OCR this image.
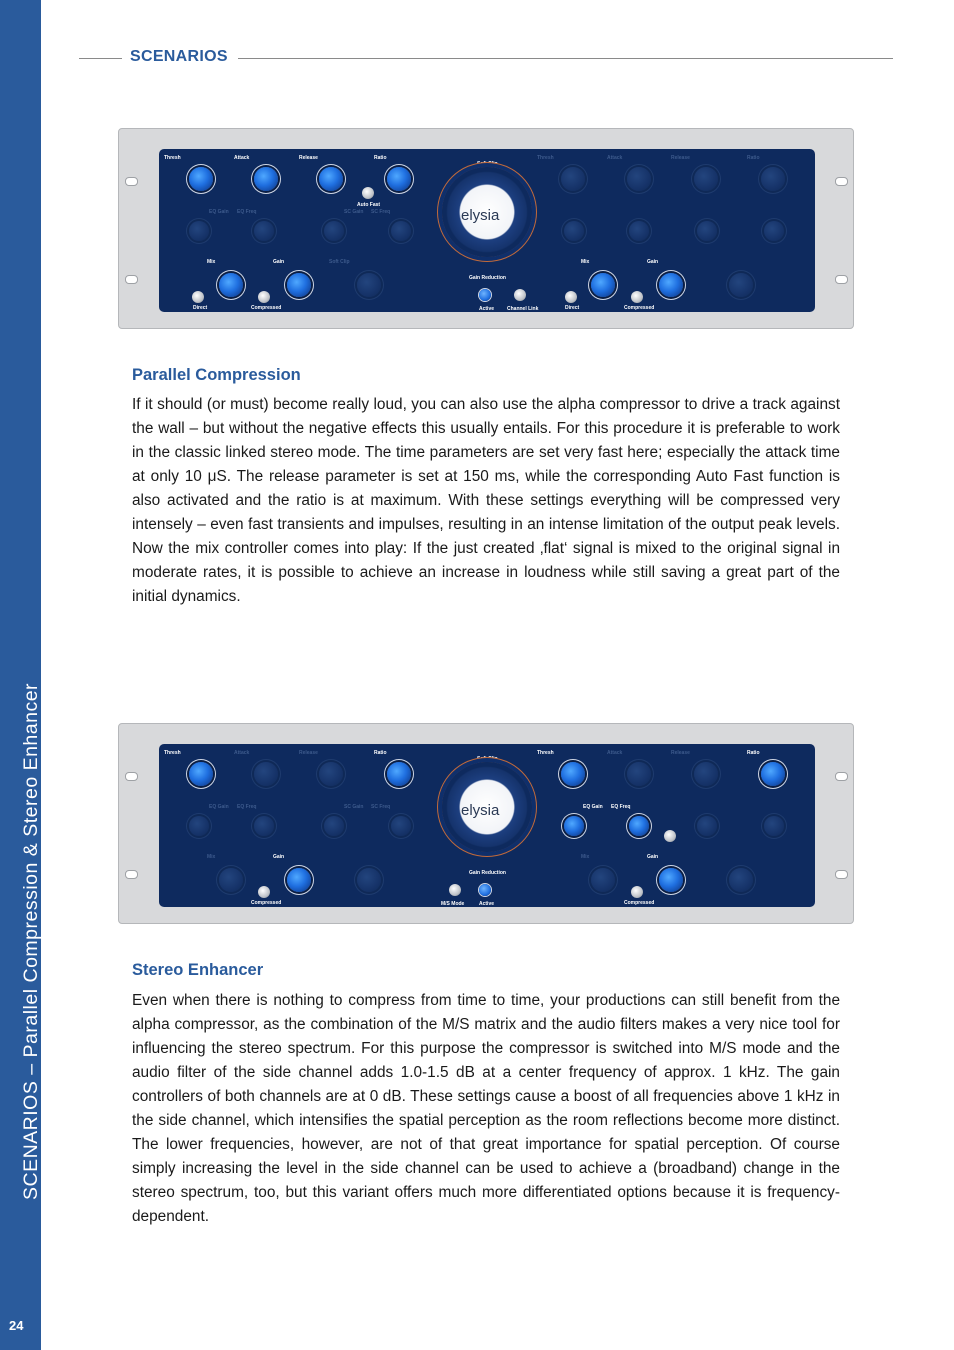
SCENARIOS – Parallel Compression & Stereo Enhancer
24
SCENARIOS
Thresh	Attack	Release	Ratio
Auto Fast
EQ Gain EQ Freq	SC Gain SC Freq
Mix	Gain	Soft Clip
Direct	Compressed
Soft Clip
elysia
Gain Reduction
Active	Channel Link
Thresh	Attack	Release	Ratio
Mix	Gain
Direct	Compressed
Parallel Compression
If it should (or must) become really loud, you can also use the alpha compressor to drive a track against the wall – but without the negative effects this usually entails. For this procedure it is preferable to work in the classic linked stereo mode. The time parameters are set very fast here; especially the attack time at only 10 μS. The release parameter is set at 150 ms, while the corresponding Auto Fast function is also activated and the ratio is at maximum. With these settings everything will be compressed very intensely – even fast transients and impulses, resulting in an intense limitation of the output peak levels. Now the mix controller comes into play: If the just created ‚flat‘ signal is mixed to the original signal in moderate rates, it is possible to achieve an increase in loudness while still saving a great part of the initial dynamics.
Thresh	Attack	Release	Ratio
EQ Gain EQ Freq	SC Gain SC Freq
Mix	Gain
Compressed
Soft Clip
elysia
Gain Reduction
M/S Mode	Active
Thresh	Attack	Release	Ratio
EQ Gain EQ Freq
Mix	Gain
Compressed
Stereo Enhancer
Even when there is nothing to compress from time to time, your productions can still benefit from the alpha compressor, as the combination of the M/S matrix and the audio filters makes a very nice tool for influencing the stereo spectrum. For this purpose the compressor is switched into M/S mode and the audio filter of the side channel adds 1.0-1.5 dB at a center frequency of approx. 1 kHz. The gain controllers of both channels are at 0 dB. These settings cause a boost of all frequencies above 1 kHz in the side channel, which intensifies the spatial perception as the room reflections become more distinct. The lower frequencies, however, are not of that great importance for spatial perception. Of course simply increasing the level in the side channel can be used to achieve a (broadband) change in the stereo spectrum, too, but this variant offers much more differentiated options because it is frequency-dependent.
